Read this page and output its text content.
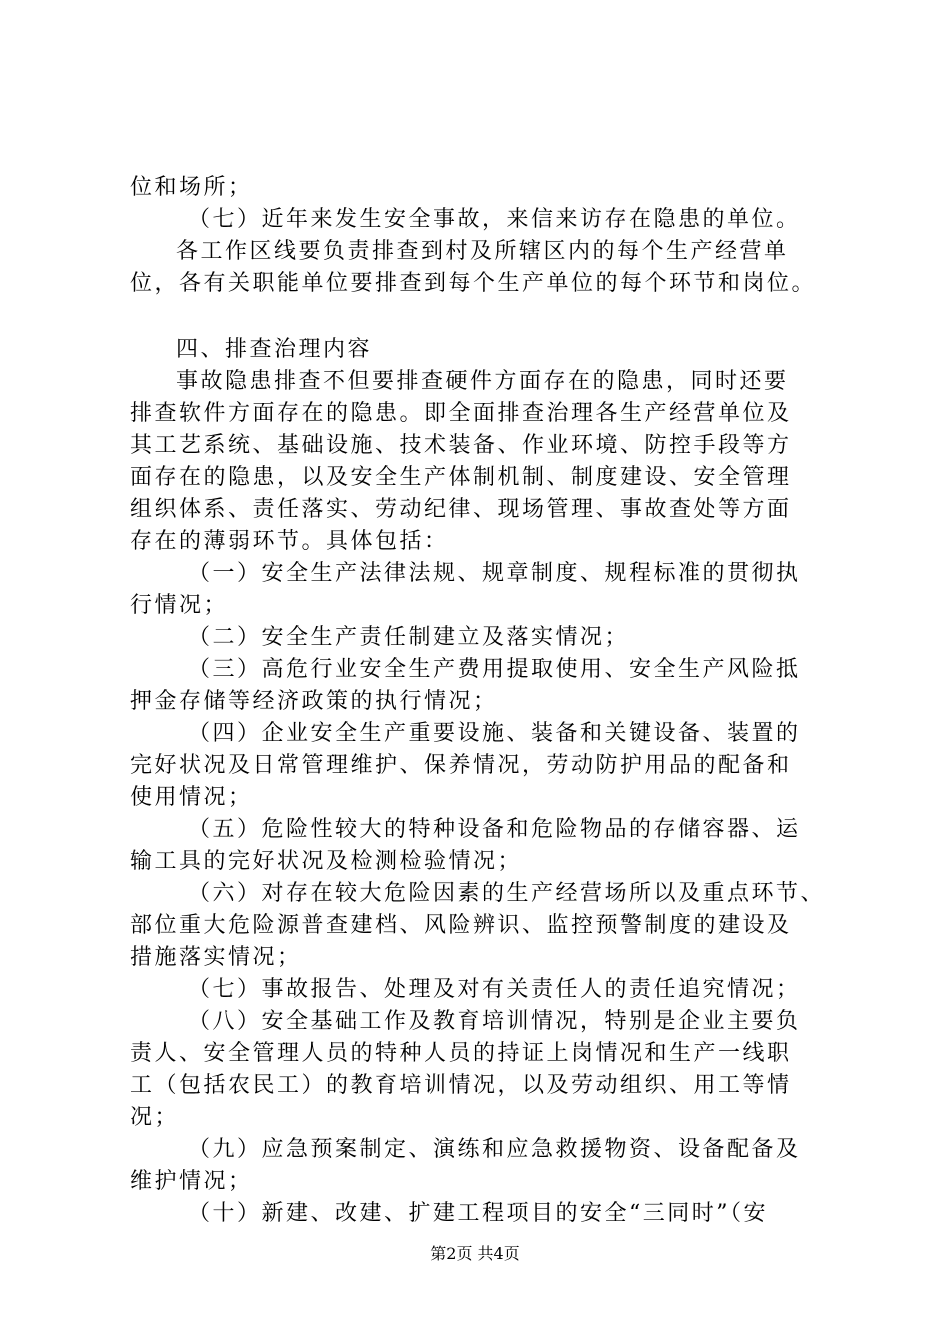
位和场所；
（七）近年来发生安全事故，来信来访存在隐患的单位。
各工作区线要负责排查到村及所辖区内的每个生产经营单
位，各有关职能单位要排查到每个生产单位的每个环节和岗位。
四、排查治理内容
事故隐患排查不但要排查硬件方面存在的隐患，同时还要
排查软件方面存在的隐患。即全面排查治理各生产经营单位及
其工艺系统、基础设施、技术装备、作业环境、防控手段等方
面存在的隐患，以及安全生产体制机制、制度建设、安全管理
组织体系、责任落实、劳动纪律、现场管理、事故查处等方面
存在的薄弱环节。具体包括：
（一）安全生产法律法规、规章制度、规程标准的贯彻执
行情况；
（二）安全生产责任制建立及落实情况；
（三）高危行业安全生产费用提取使用、安全生产风险抵
押金存储等经济政策的执行情况；
（四）企业安全生产重要设施、装备和关键设备、装置的
完好状况及日常管理维护、保养情况，劳动防护用品的配备和
使用情况；
（五）危险性较大的特种设备和危险物品的存储容器、运
输工具的完好状况及检测检验情况；
（六）对存在较大危险因素的生产经营场所以及重点环节、
部位重大危险源普查建档、风险辨识、监控预警制度的建设及
措施落实情况；
（七）事故报告、处理及对有关责任人的责任追究情况；
（八）安全基础工作及教育培训情况，特别是企业主要负
责人、安全管理人员的特种人员的持证上岗情况和生产一线职
工（包括农民工）的教育培训情况，以及劳动组织、用工等情
况；
（九）应急预案制定、演练和应急救援物资、设备配备及
维护情况；
（十）新建、改建、扩建工程项目的安全“三同时”（安
第2页 共4页
